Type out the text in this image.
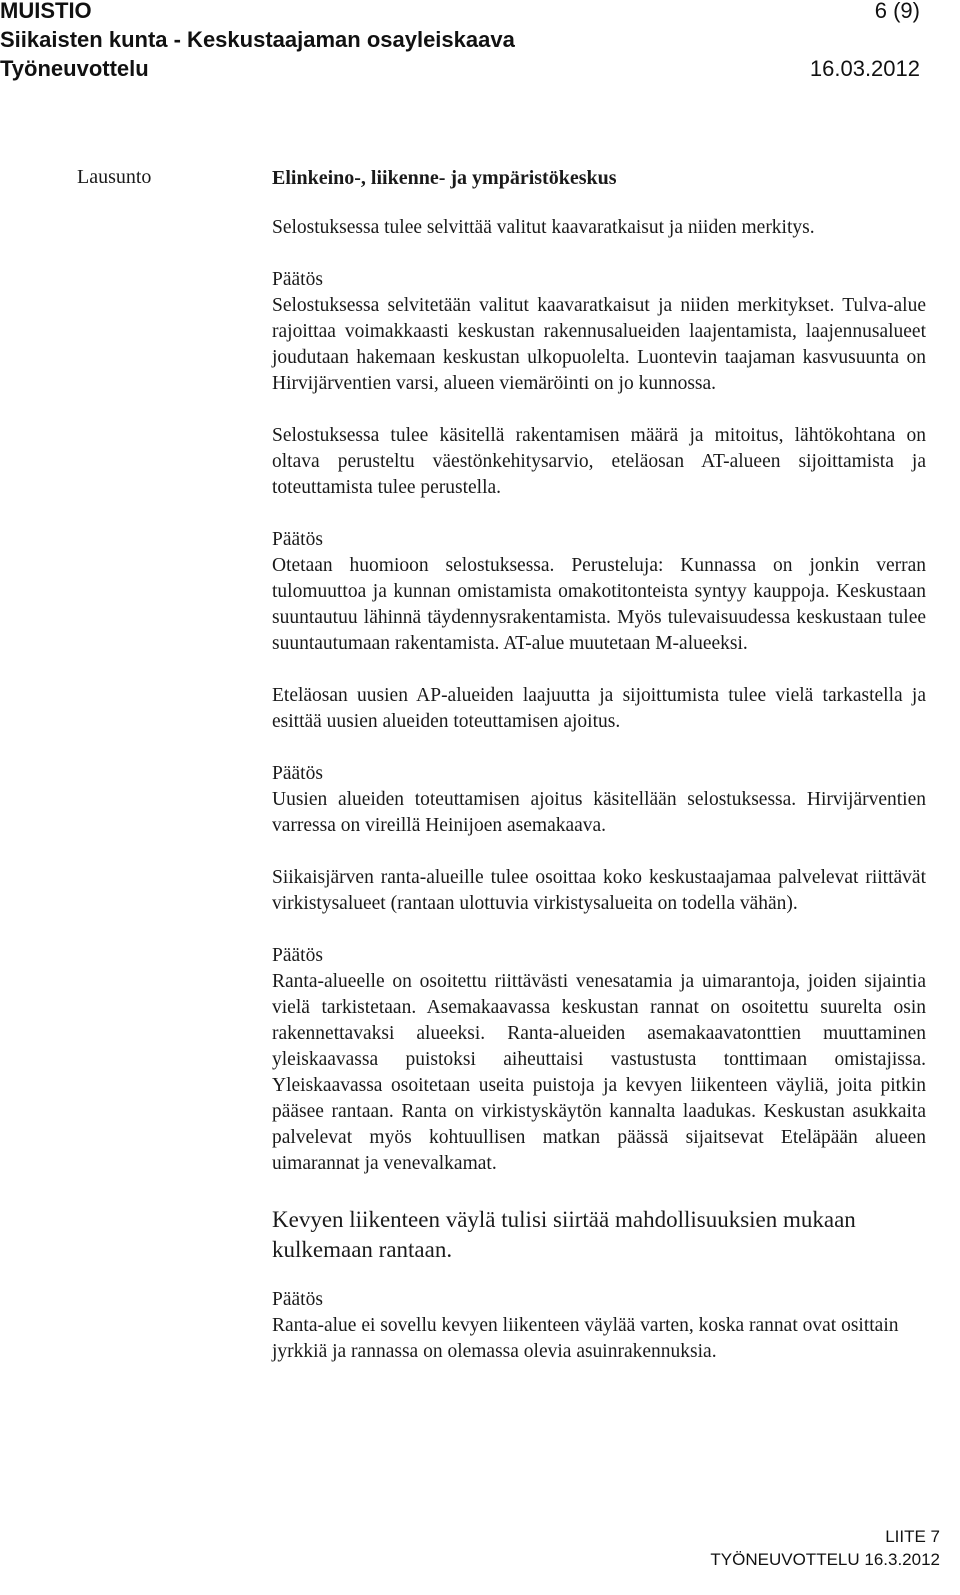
MUISTIO	6 (9)
Siikaisten kunta - Keskustaajaman osayleiskaava
Työneuvottelu	16.03.2012
Lausunto	Elinkeino-, liikenne- ja ympäristökeskus

Selostuksessa tulee selvittää valitut kaavaratkaisut ja niiden merkitys.

Päätös

Selostuksessa selvitetään valitut kaavaratkaisut ja niiden merkitykset. Tulva-alue rajoittaa voimakkaasti keskustan rakennusalueiden laajentamista, laajennusalueet joudutaan hakemaan keskustan ulkopuolelta. Luontevin taajaman kasvusuunta on Hirvijärventien varsi, alueen viemäröinti on jo kunnossa.

Selostuksessa tulee käsitellä rakentamisen määrä ja mitoitus, lähtökohtana on oltava perusteltu väestönkehitysarvio, eteläosan AT-alueen sijoittamista ja toteuttamista tulee perustella.

Päätös

Otetaan huomioon selostuksessa. Perusteluja: Kunnassa on jonkin verran tulomuuttoa ja kunnan omistamista omakotitonteista syntyy kauppoja. Keskustaan suuntautuu lähinnä täydennysrakentamista. Myös tulevaisuudessa keskustaan tulee suuntautumaan rakentamista. AT-alue muutetaan M-alueeksi.

Eteläosan uusien AP-alueiden laajuutta ja sijoittumista tulee vielä tarkastella ja esittää uusien alueiden toteuttamisen ajoitus.

Päätös

Uusien alueiden toteuttamisen ajoitus käsitellään selostuksessa. Hirvijärventien varressa on vireillä Heinijoen asemakaava.

Siikaisjärven ranta-alueille tulee osoittaa koko keskustaajamaa palvelevat riittävät virkistysalueet (rantaan ulottuvia virkistysalueita on todella vähän).

Päätös

Ranta-alueelle on osoitettu riittävästi venesatamia ja uimarantoja, joiden sijaintia vielä tarkistetaan. Asemakaavassa keskustan rannat on osoitettu suurelta osin rakennettavaksi alueeksi. Ranta-alueiden asemakaavatonttien muuttaminen yleiskaavassa puistoksi aiheuttaisi vastustusta tonttimaan omistajissa. Yleiskaavassa osoitetaan useita puistoja ja kevyen liikenteen väyliä, joita pitkin pääsee rantaan. Ranta on virkistyskäytön kannalta laadukas. Keskustan asukkaita palvelevat myös kohtuullisen matkan päässä sijaitsevat Eteläpään alueen uimarannat ja venevalkamat.

Kevyen liikenteen väylä tulisi siirtää mahdollisuuksien mukaan kulkemaan rantaan.

Päätös

Ranta-alue ei sovellu kevyen liikenteen väylää varten, koska rannat ovat osittain jyrkkiä ja rannassa on olemassa olevia asuinrakennuksia.

LIITE 7
TYÖNEUVOTTELU 16.3.2012
